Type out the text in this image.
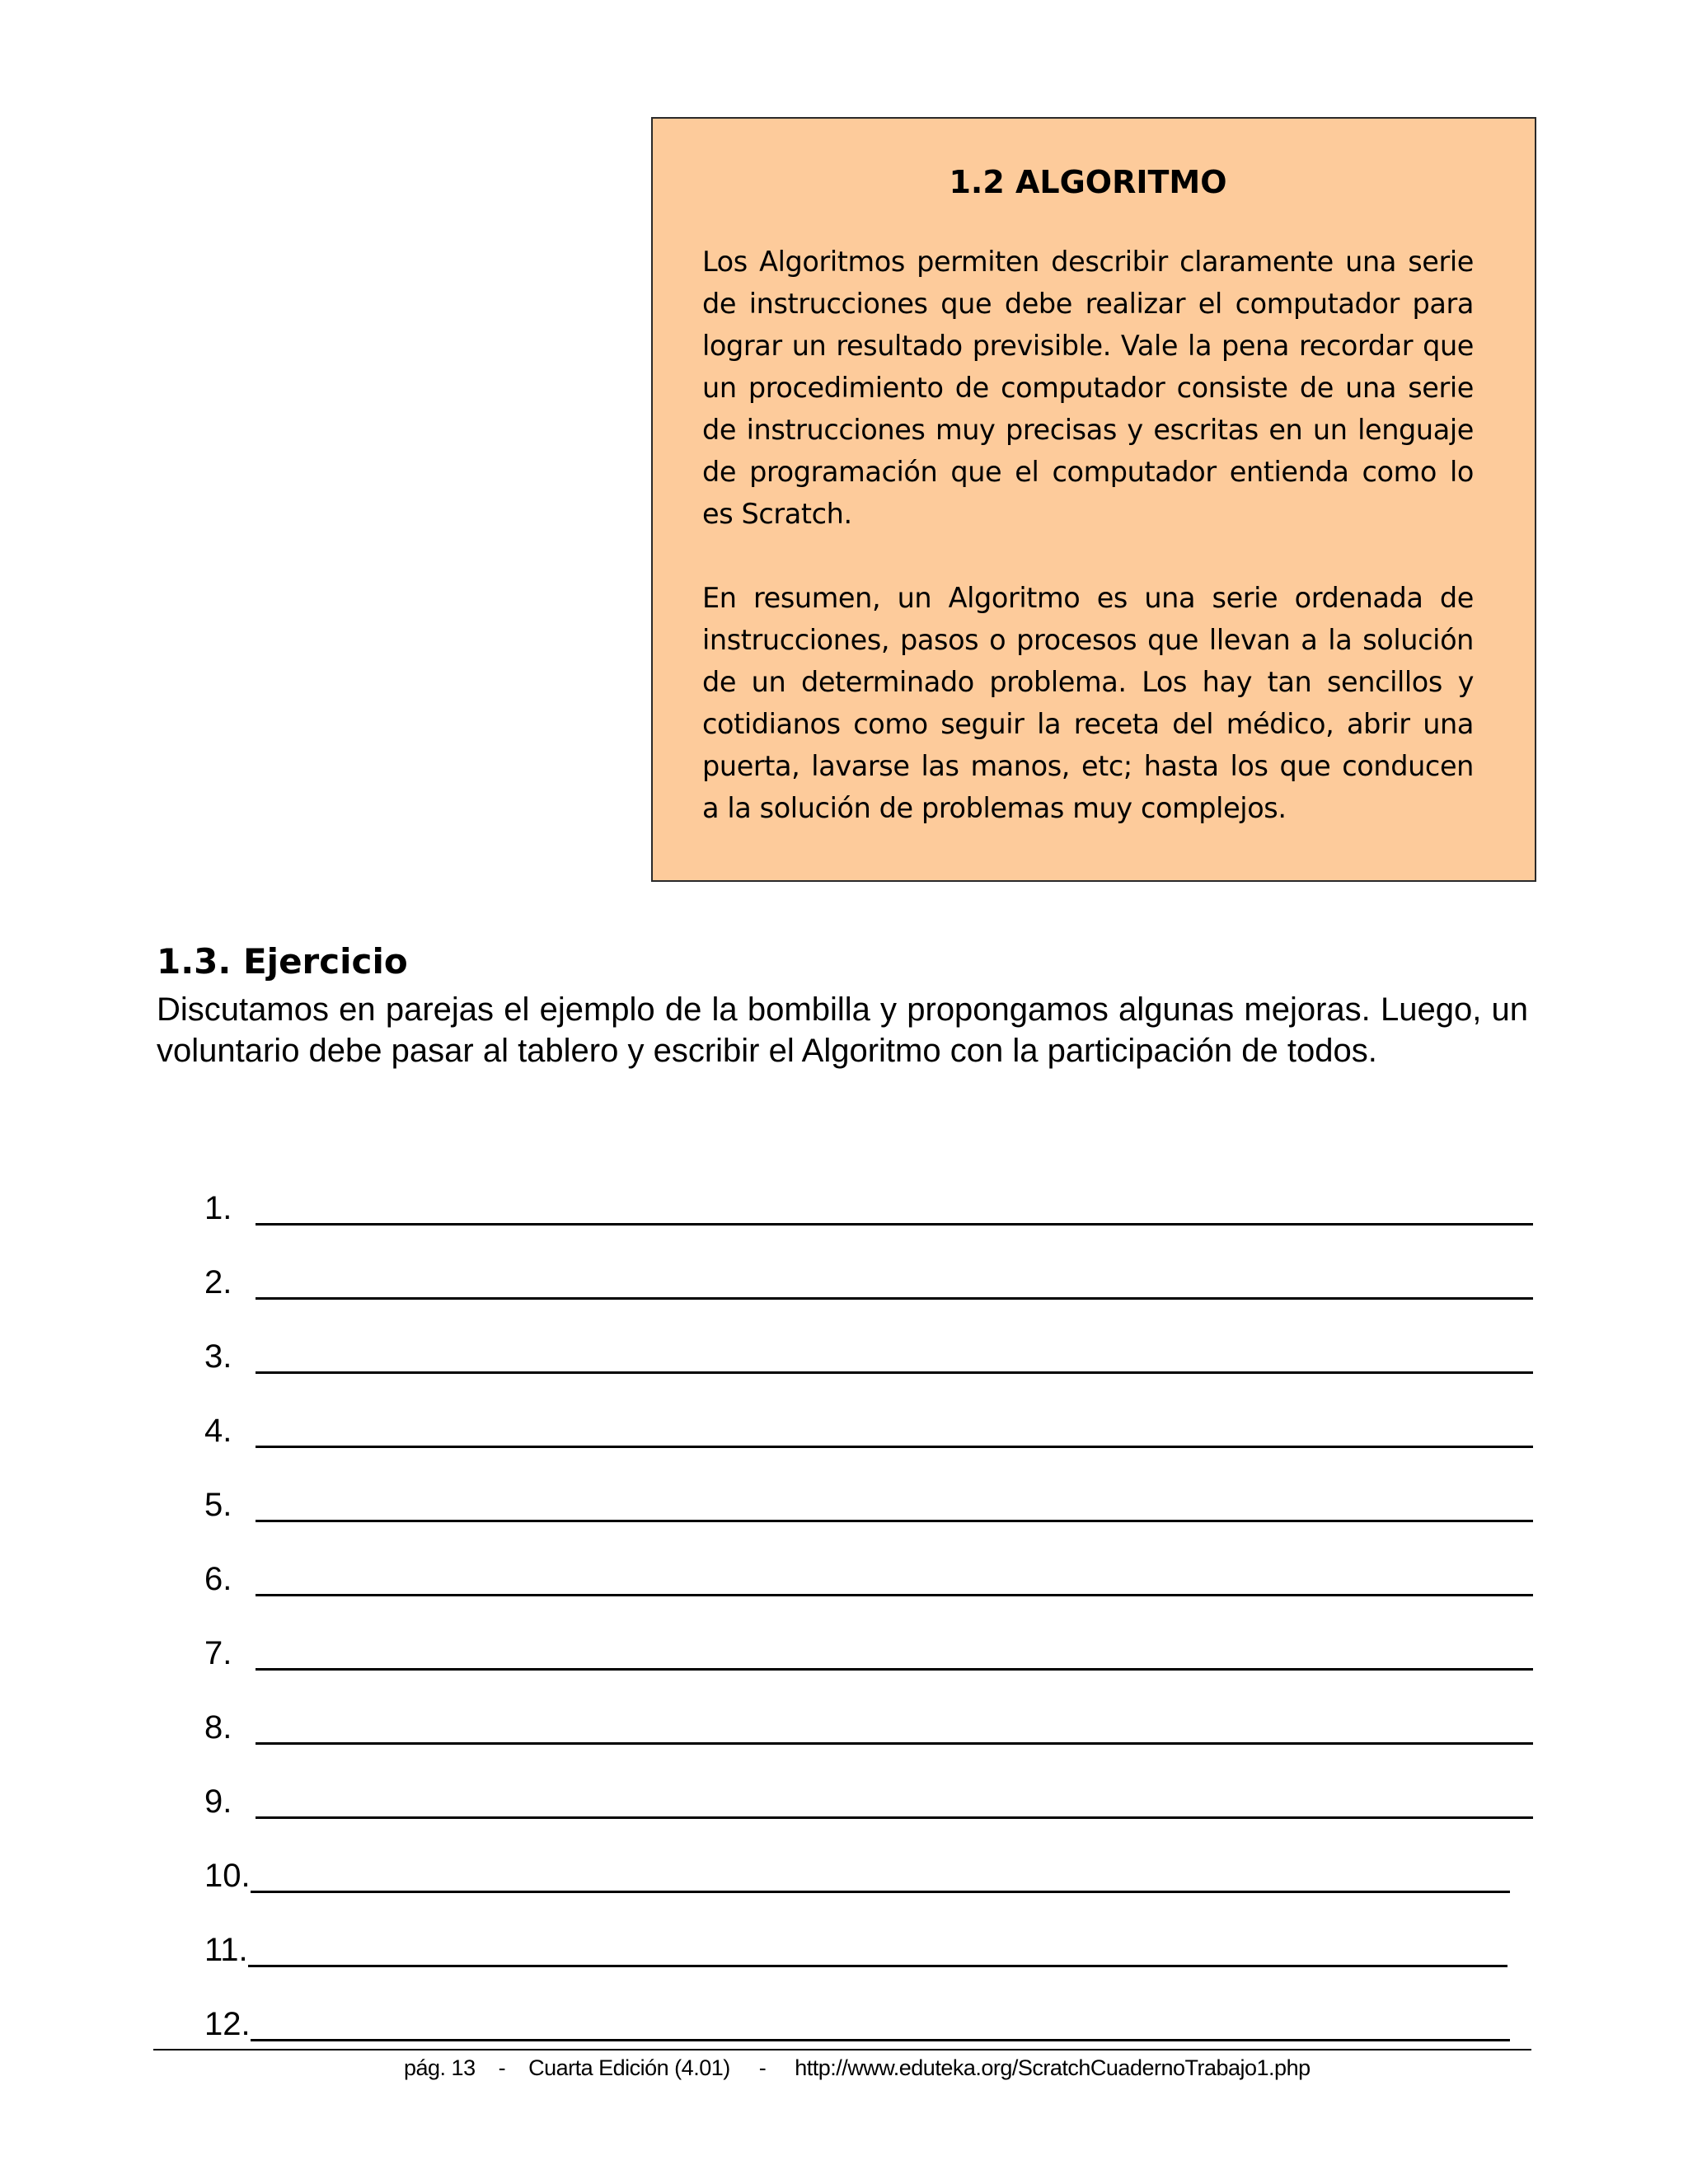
1.2 ALGORITMO

Los Algoritmos permiten describir claramente una serie de instrucciones que debe realizar el computador para lograr un resultado previsible. Vale la pena recordar que un procedimiento de computador consiste de una serie de instrucciones muy precisas y escritas en un lenguaje de programación que el computador entienda como lo es Scratch.

En resumen, un Algoritmo es una serie ordenada de instrucciones, pasos o procesos que llevan a la solución de un determinado problema. Los hay tan sencillos y cotidianos como seguir la receta del médico, abrir una puerta, lavarse las manos, etc; hasta los que conducen a la solución de problemas muy complejos.

1.3. Ejercicio

Discutamos en parejas el ejemplo de la bombilla y propongamos algunas mejoras. Luego, un voluntario debe pasar al tablero y escribir el Algoritmo con la participación de todos.

1.
2.
3.
4.
5.
6.
7.
8.
9.
10.
11.
12.
pág. 13    -    Cuarta Edición (4.01)     -     http://www.eduteka.org/ScratchCuadernoTrabajo1.php
